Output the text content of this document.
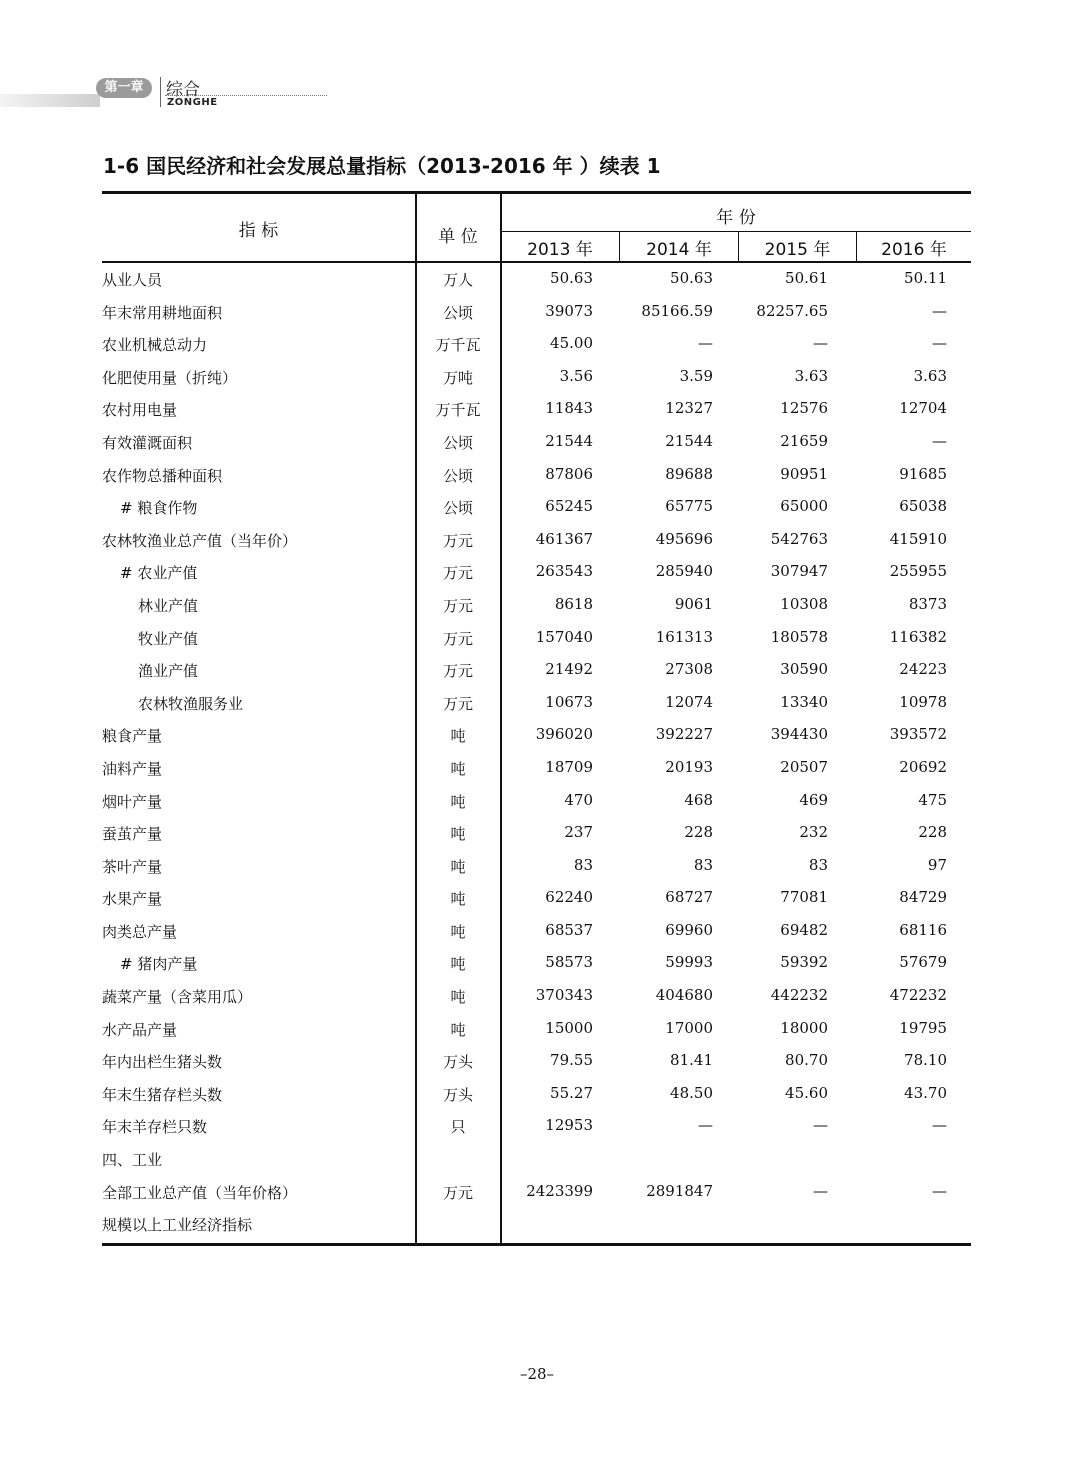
第一章	综合
ZONGHE
1-6 国民经济和社会发展总量指标（2013-2016 年 ）续表 1
指 标	单 位
年 份
2013 年	2014 年	2015 年	2016 年
从业人员	万人	50.63	50.63	50.61	50.11
年末常用耕地面积	公顷	39073	85166.59	82257.65	—
农业机械总动力	万千瓦	45.00	—	—	—
化肥使用量（折纯）	万吨	3.56	3.59	3.63	3.63
农村用电量	万千瓦	11843	12327	12576	12704
有效灌溉面积	公顷	21544	21544	21659	—
农作物总播种面积	公顷	87806	89688	90951	91685
# 粮食作物	公顷	65245	65775	65000	65038
农林牧渔业总产值（当年价）	万元	461367	495696	542763	415910
# 农业产值	万元	263543	285940	307947	255955
林业产值	万元	8618	9061	10308	8373
牧业产值	万元	157040	161313	180578	116382
渔业产值	万元	21492	27308	30590	24223
农林牧渔服务业	万元	10673	12074	13340	10978
粮食产量	吨	396020	392227	394430	393572
油料产量	吨	18709	20193	20507	20692
烟叶产量	吨	470	468	469	475
蚕茧产量	吨	237	228	232	228
茶叶产量	吨	83	83	83	97
水果产量	吨	62240	68727	77081	84729
肉类总产量	吨	68537	69960	69482	68116
# 猪肉产量	吨	58573	59993	59392	57679
蔬菜产量（含菜用瓜）	吨	370343	404680	442232	472232
水产品产量	吨	15000	17000	18000	19795
年内出栏生猪头数	万头	79.55	81.41	80.70	78.10
年末生猪存栏头数	万头	55.27	48.50	45.60	43.70
年末羊存栏只数	只	12953	—	—	—
四、工业
全部工业总产值（当年价格）	万元	2423399	2891847	—	—
规模以上工业经济指标
–28–
